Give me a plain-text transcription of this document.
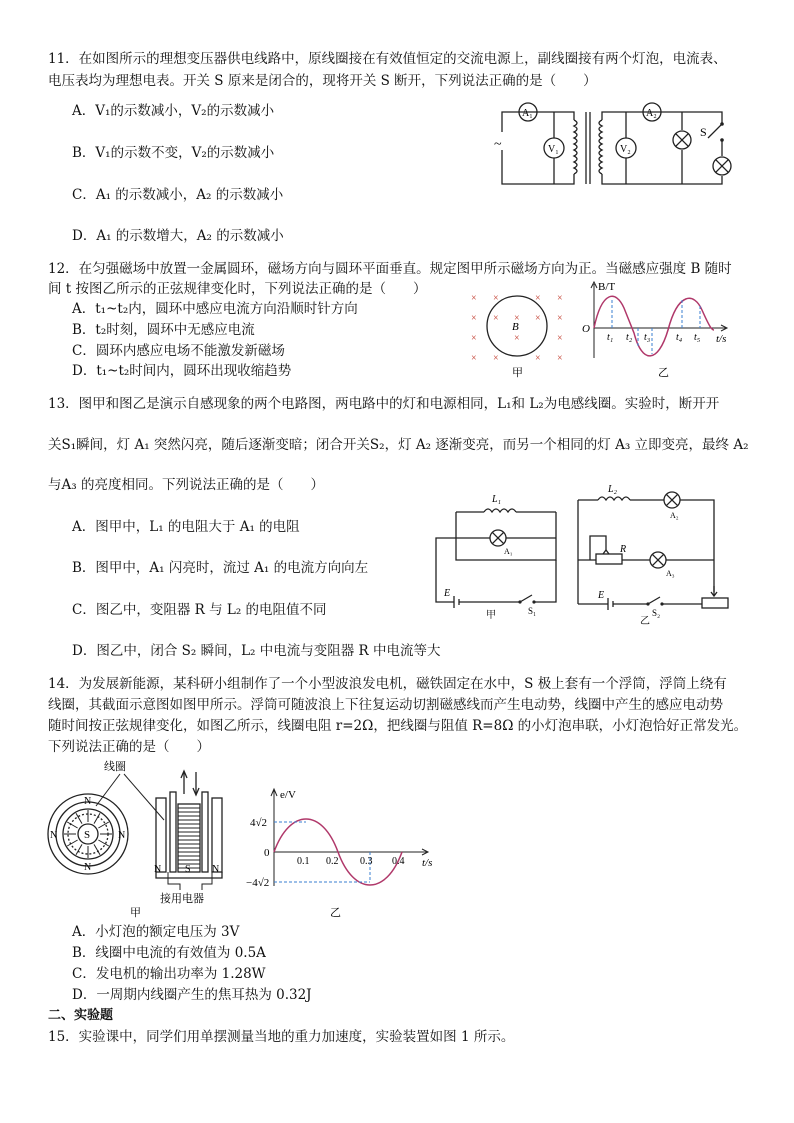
11．在如图所示的理想变压器供电线路中，原线圈接在有效值恒定的交流电源上，副线圈接有两个灯泡，电流表、
电压表均为理想电表。开关 S 原来是闭合的，现将开关 S 断开，下列说法正确的是（　　）
A．V₁的示数减小，V₂的示数减小
B．V₁的示数不变，V₂的示数减小
C．A₁ 的示数减小，A₂ 的示数减小
D．A₁ 的示数增大，A₂ 的示数减小
~
S
A₁
V₁	V₂
A₂
12．在匀强磁场中放置一金属圆环，磁场方向与圆环平面垂直。规定图甲所示磁场方向为正。当磁感应强度 B 随时
间 t 按图乙所示的正弦规律变化时，下列说法正确的是（　　）
A．t₁~t₂内，圆环中感应电流方向沿顺时针方向
B．t₂时刻，圆环中无感应电流
C．圆环内感应电场不能激发新磁场
D．t₁~t₂时间内，圆环出现收缩趋势
× ×	× ×
× × × × ×
×	×	×
× ×	× ×
B
甲
B/T
O
t/s
t₁ t₂ t₃	t₄ t₅
乙
13．图甲和图乙是演示自感现象的两个电路图，两电路中的灯和电源相同，L₁和 L₂为电感线圈。实验时，断开开
关S₁瞬间，灯 A₁ 突然闪亮，随后逐渐变暗；闭合开关S₂，灯 A₂ 逐渐变亮，而另一个相同的灯 A₃ 立即变亮，最终 A₂
与A₃ 的亮度相同。下列说法正确的是（　　）
A．图甲中，L₁ 的电阻大于 A₁ 的电阻
B．图甲中，A₁ 闪亮时，流过 A₁ 的电流方向向左
C．图乙中，变阻器 R 与 L₂ 的电阻值不同
D．图乙中，闭合 S₂ 瞬间，L₂ 中电流与变阻器 R 中电流等大
L₁
A₁
E
S₁
甲
L₂
A₂
R
A₃
E
S₂
乙
14．为发展新能源，某科研小组制作了一个小型波浪发电机，磁铁固定在水中，S 极上套有一个浮筒，浮筒上绕有
线圈，其截面示意图如图甲所示。浮筒可随波浪上下往复运动切割磁感线而产生电动势，线圈中产生的感应电动势
随时间按正弦规律变化，如图乙所示，线圈电阻 r=2Ω，把线圈与阻值 R=8Ω 的小灯泡串联，小灯泡恰好正常发光。
下列说法正确的是（　　）
S
N
N
N	N
线圈
N	N
S
接用电器
甲
e/V
4√2
−4√2
0
0.1 0.2 0.3 0.4 t/s
乙
A．小灯泡的额定电压为 3V
B．线圈中电流的有效值为 0.5A
C．发电机的输出功率为 1.28W
D．一周期内线圈产生的焦耳热为 0.32J
二、实验题
15．实验课中，同学们用单摆测量当地的重力加速度，实验装置如图 1 所示。
